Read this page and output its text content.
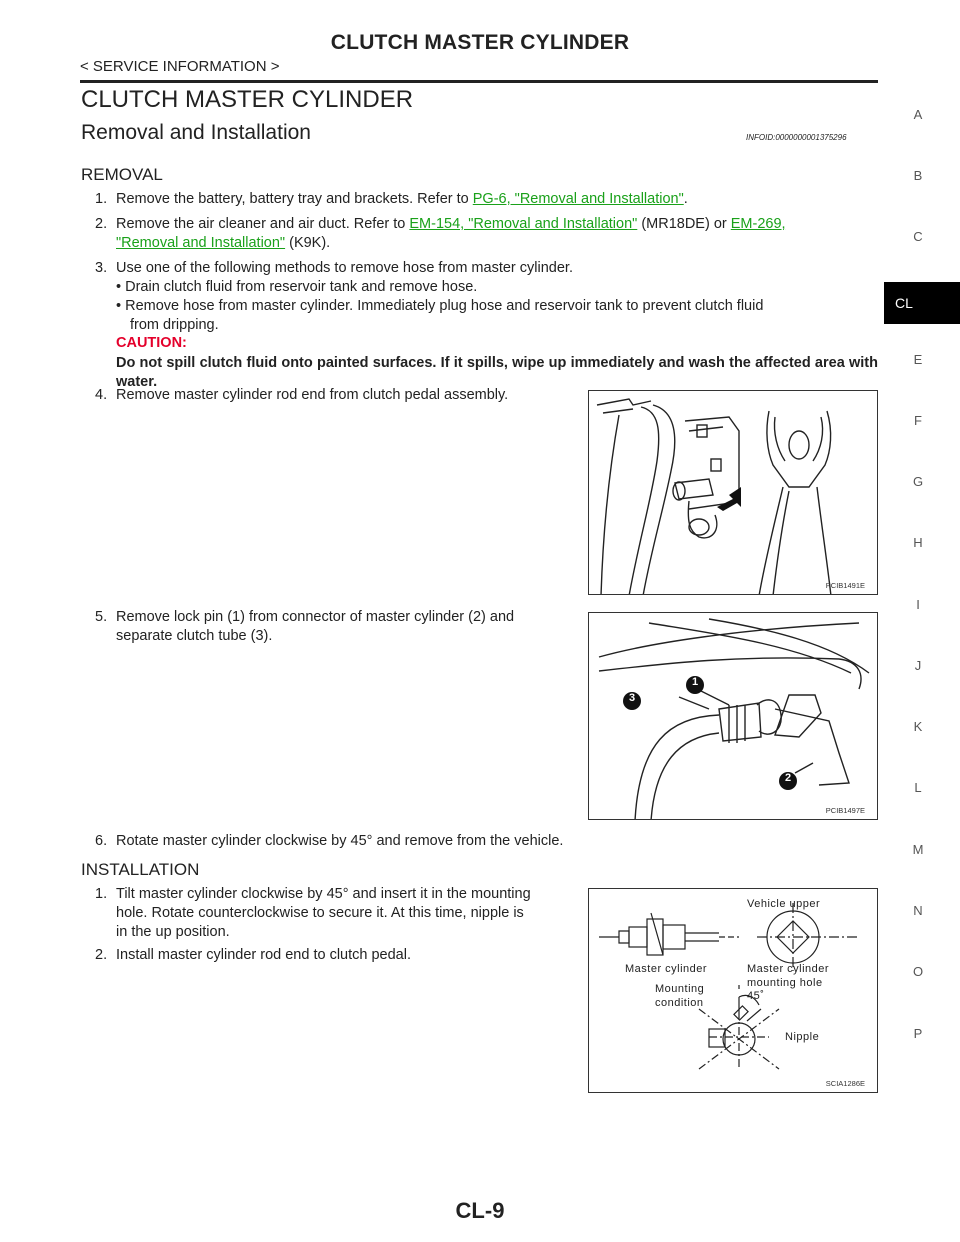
CLUTCH MASTER CYLINDER
< SERVICE INFORMATION >
CLUTCH MASTER CYLINDER
Removal and Installation	INFOID:0000000001375296
REMOVAL
1. Remove the battery, battery tray and brackets. Refer to PG-6, "Removal and Installation".
2. Remove the air cleaner and air duct. Refer to EM-154, "Removal and Installation" (MR18DE) or EM-269,
"Removal and Installation" (K9K).
3. Use one of the following methods to remove hose from master cylinder.
• Drain clutch fluid from reservoir tank and remove hose.
• Remove hose from master cylinder. Immediately plug hose and reservoir tank to prevent clutch fluid
from dripping.
CAUTION:
Do not spill clutch fluid onto painted surfaces. If it spills, wipe up immediately and wash the affected area with water.
4. Remove master cylinder rod end from clutch pedal assembly.
5. Remove lock pin (1) from connector of master cylinder (2) and
separate clutch tube (3).
6. Rotate master cylinder clockwise by 45° and remove from the vehicle.
INSTALLATION
1. Tilt master cylinder clockwise by 45° and insert it in the mounting
hole. Rotate counterclockwise to secure it. At this time, nipple is
in the up position.
2. Install master cylinder rod end to clutch pedal.
PCIB1491E
3
1
2
PCIB1497E
Vehicle upper
Master cylinder	Master cylinder
mounting hole
Mounting
condition
45˚
Nipple
SCIA1286E
A
B
C
CL
E
F
G
H
I
J
K
L
M
N
O
P
CL-9
